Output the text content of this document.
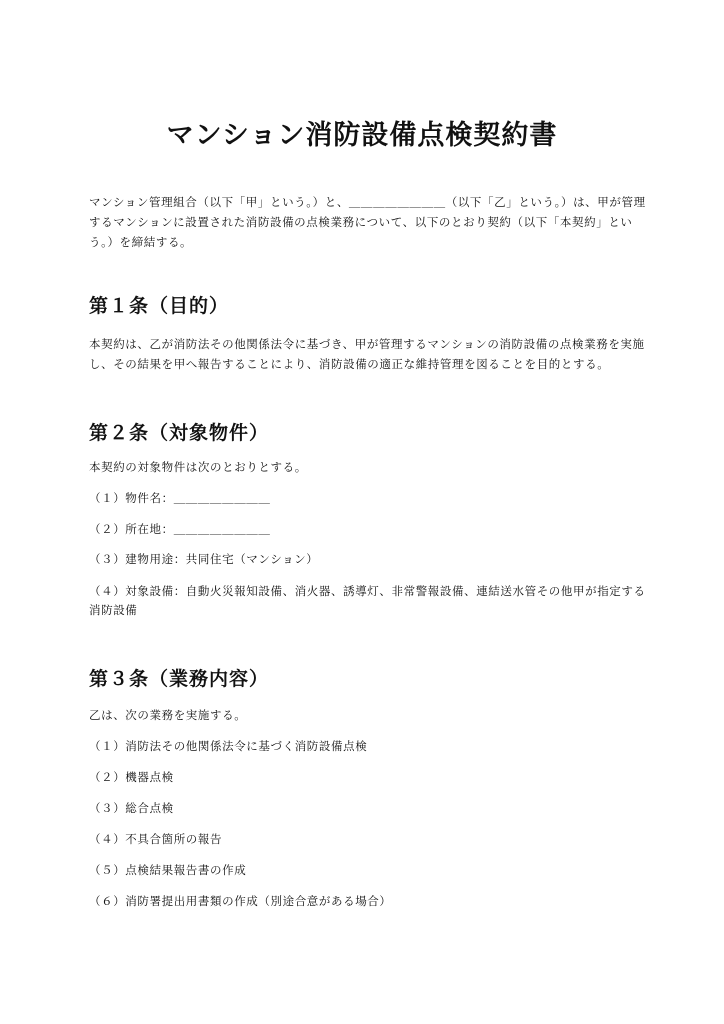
マンション消防設備点検契約書
マンション管理組合（以下「甲」という。）と、＿＿＿＿＿＿＿＿（以下「乙」という。）は、甲が管理するマンションに設置された消防設備の点検業務について、以下のとおり契約（以下「本契約」という。）を締結する。
第１条（目的）
本契約は、乙が消防法その他関係法令に基づき、甲が管理するマンションの消防設備の点検業務を実施し、その結果を甲へ報告することにより、消防設備の適正な維持管理を図ることを目的とする。
第２条（対象物件）
本契約の対象物件は次のとおりとする。
（１）物件名：＿＿＿＿＿＿＿＿
（２）所在地：＿＿＿＿＿＿＿＿
（３）建物用途：共同住宅（マンション）
（４）対象設備：自動火災報知設備、消火器、誘導灯、非常警報設備、連結送水管その他甲が指定する消防設備
第３条（業務内容）
乙は、次の業務を実施する。
（１）消防法その他関係法令に基づく消防設備点検
（２）機器点検
（３）総合点検
（４）不具合箇所の報告
（５）点検結果報告書の作成
（６）消防署提出用書類の作成（別途合意がある場合）
